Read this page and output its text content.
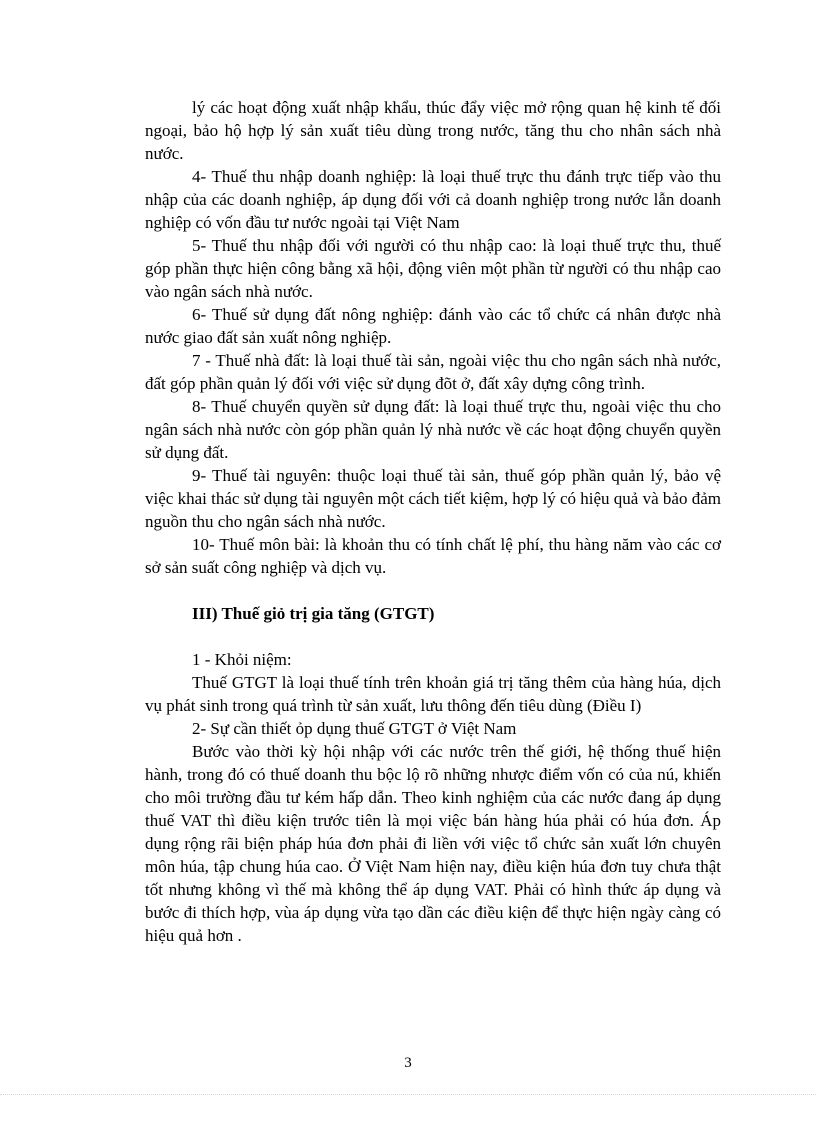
lý các hoạt động xuất nhập khẩu, thúc đẩy việc mở rộng quan hệ kinh tế đối ngoại, bảo hộ hợp lý sản xuất tiêu dùng trong nước, tăng thu cho nhân sách nhà nước.

4- Thuế thu nhập doanh nghiệp: là loại thuế trực thu đánh trực tiếp vào thu nhập của các doanh nghiệp, áp dụng đối với cả doanh nghiệp trong nước lẫn doanh nghiệp có vốn đầu tư nước ngoài tại Việt Nam

5- Thuế thu nhập đối với người có thu nhập cao: là loại thuế trực thu, thuế góp phần thực hiện công bằng xã hội, động viên một phần từ người có thu nhập cao vào ngân sách nhà nước.

6- Thuế sử dụng đất nông nghiệp: đánh vào các tổ chức cá nhân được nhà nước giao đất sản xuất nông nghiệp.

7 - Thuế nhà đất: là loại thuế tài sản, ngoài việc thu cho ngân sách nhà nước, đất góp phần quản lý đối với việc sử dụng đõt ở, đất xây dựng công trình.

8- Thuế chuyển quyền sử dụng đất: là loại thuế trực thu, ngoài việc thu cho ngân sách nhà nước còn góp phần quản lý nhà nước về các hoạt động chuyển quyền sử dụng đất.

9- Thuế tài nguyên: thuộc loại thuế tài sản, thuế góp phần quản lý, bảo vệ việc khai thác sử dụng tài nguyên một cách tiết kiệm, hợp lý có hiệu quả và bảo đảm nguồn thu cho ngân sách nhà nước.

10- Thuế môn bài: là khoản thu có tính chất lệ phí, thu hàng năm vào các cơ sở sản suất công nghiệp và dịch vụ.

III) Thuế giỏ trị gia tăng (GTGT)

1 - Khỏi niệm:

Thuế GTGT là loại thuế tính trên khoản giá trị tăng thêm của hàng húa, dịch vụ phát sinh trong quá trình từ sản xuất, lưu thông đến tiêu dùng (Điều I)

2- Sự cần thiết ỏp dụng thuế GTGT ở Việt Nam

Bước vào thời kỳ hội nhập với các nước trên thế giới, hệ thống thuế hiện hành, trong đó có thuế doanh thu bộc lộ rõ những nhược điểm vốn có của nú, khiến cho môi trường đầu tư kém hấp dẫn. Theo kinh nghiệm của các nước đang áp dụng thuế VAT thì điều kiện trước tiên là mọi việc bán hàng húa phải có húa đơn. Áp dụng rộng rãi biện pháp húa đơn phải đi liền với việc tổ chức sản xuất lớn chuyên môn húa, tập chung húa cao. Ở Việt Nam hiện nay, điều kiện húa đơn tuy chưa thật tốt nhưng không vì thế mà không thể áp dụng VAT. Phải có hình thức áp dụng và bước đi thích hợp, vùa áp dụng vừa tạo dần các điều kiện để thực hiện ngày càng có hiệu quả hơn .

3
